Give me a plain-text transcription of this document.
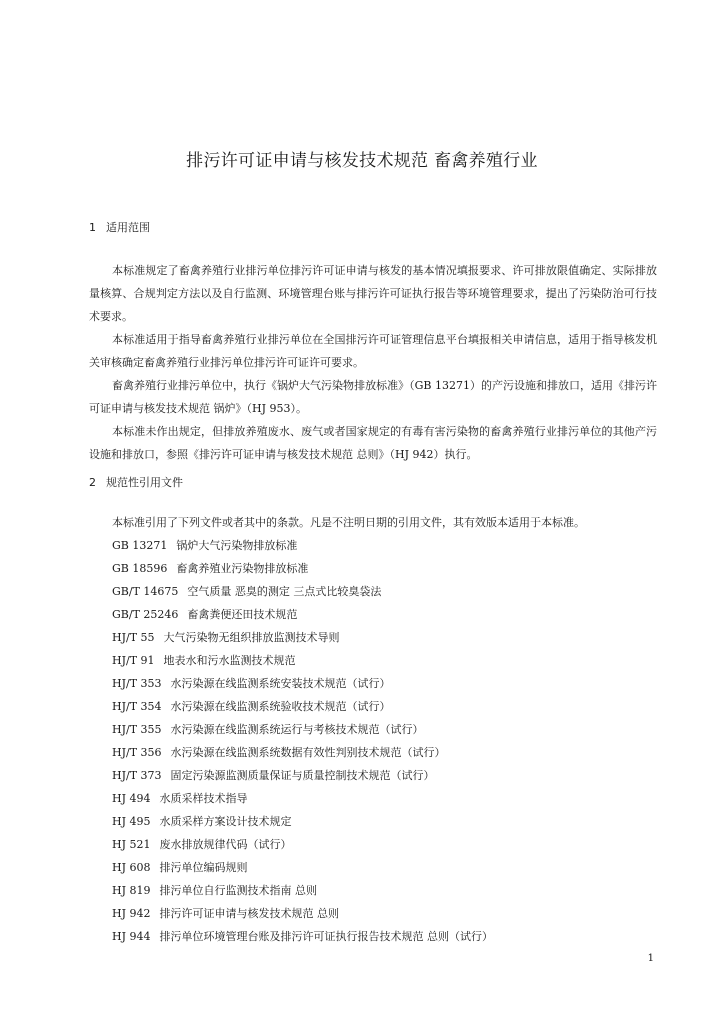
排污许可证申请与核发技术规范 畜禽养殖行业
1 适用范围

本标准规定了畜禽养殖行业排污单位排污许可证申请与核发的基本情况填报要求、许可排放限值确定、实际排放量核算、合规判定方法以及自行监测、环境管理台账与排污许可证执行报告等环境管理要求，提出了污染防治可行技术要求。

本标准适用于指导畜禽养殖行业排污单位在全国排污许可证管理信息平台填报相关申请信息，适用于指导核发机关审核确定畜禽养殖行业排污单位排污许可证许可要求。

畜禽养殖行业排污单位中，执行《锅炉大气污染物排放标准》（GB 13271）的产污设施和排放口，适用《排污许可证申请与核发技术规范 锅炉》（HJ 953）。

本标准未作出规定，但排放养殖废水、废气或者国家规定的有毒有害污染物的畜禽养殖行业排污单位的其他产污设施和排放口，参照《排污许可证申请与核发技术规范 总则》（HJ 942）执行。

2 规范性引用文件

本标准引用了下列文件或者其中的条款。凡是不注明日期的引用文件，其有效版本适用于本标准。

GB 13271 锅炉大气污染物排放标准
GB 18596 畜禽养殖业污染物排放标准
GB/T 14675 空气质量 恶臭的测定 三点式比较臭袋法
GB/T 25246 畜禽粪便还田技术规范
HJ/T 55 大气污染物无组织排放监测技术导则
HJ/T 91 地表水和污水监测技术规范
HJ/T 353 水污染源在线监测系统安装技术规范（试行）
HJ/T 354 水污染源在线监测系统验收技术规范（试行）
HJ/T 355 水污染源在线监测系统运行与考核技术规范（试行）
HJ/T 356 水污染源在线监测系统数据有效性判别技术规范（试行）
HJ/T 373 固定污染源监测质量保证与质量控制技术规范（试行）
HJ 494 水质采样技术指导
HJ 495 水质采样方案设计技术规定
HJ 521 废水排放规律代码（试行）
HJ 608 排污单位编码规则
HJ 819 排污单位自行监测技术指南 总则
HJ 942 排污许可证申请与核发技术规范 总则
HJ 944 排污单位环境管理台账及排污许可证执行报告技术规范 总则（试行）
1
